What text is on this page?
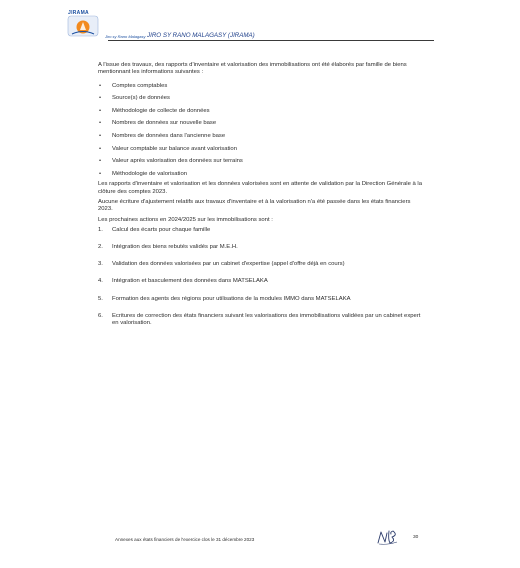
JIRAMA
Jiro sy Rano Malagasy JIRO SY RANO MALAGASY (JIRAMA)

A l'issue des travaux, des rapports d'inventaire et valorisation des immobilisations ont été élaborés par famille de biens mentionnant les informations suivantes :

• Comptes comptables
• Source(s) de données
• Méthodologie de collecte de données
• Nombres de données sur nouvelle base
• Nombres de données dans l'ancienne base
• Valeur comptable sur balance avant valorisation
• Valeur après valorisation des données sur terrains
• Méthodologie de valorisation

Les rapports d'inventaire et valorisation et les données valorisées sont en attente de validation par la Direction Générale à la clôture des comptes 2023.

Aucune écriture d'ajustement relatifs aux travaux d'inventaire et à la valorisation n'a été passée dans les états financiers 2023.

Les prochaines actions en 2024/2025 sur les immobilisations sont :

1. Calcul des écarts pour chaque famille
2. Intégration des biens rebutés validés par M.E.H.
3. Validation des données valorisées par un cabinet d'expertise (appel d'offre déjà en cours)
4. Intégration et basculement des données dans MATSELAKA
5. Formation des agents des régions pour utilisations de la modules IMMO dans MATSELAKA
6. Ecritures de correction des états financiers suivant les valorisations des immobilisations validées par un cabinet expert en valorisation.
Annexes aux états financiers de l'exercice clos le 31 décembre 2023	30
